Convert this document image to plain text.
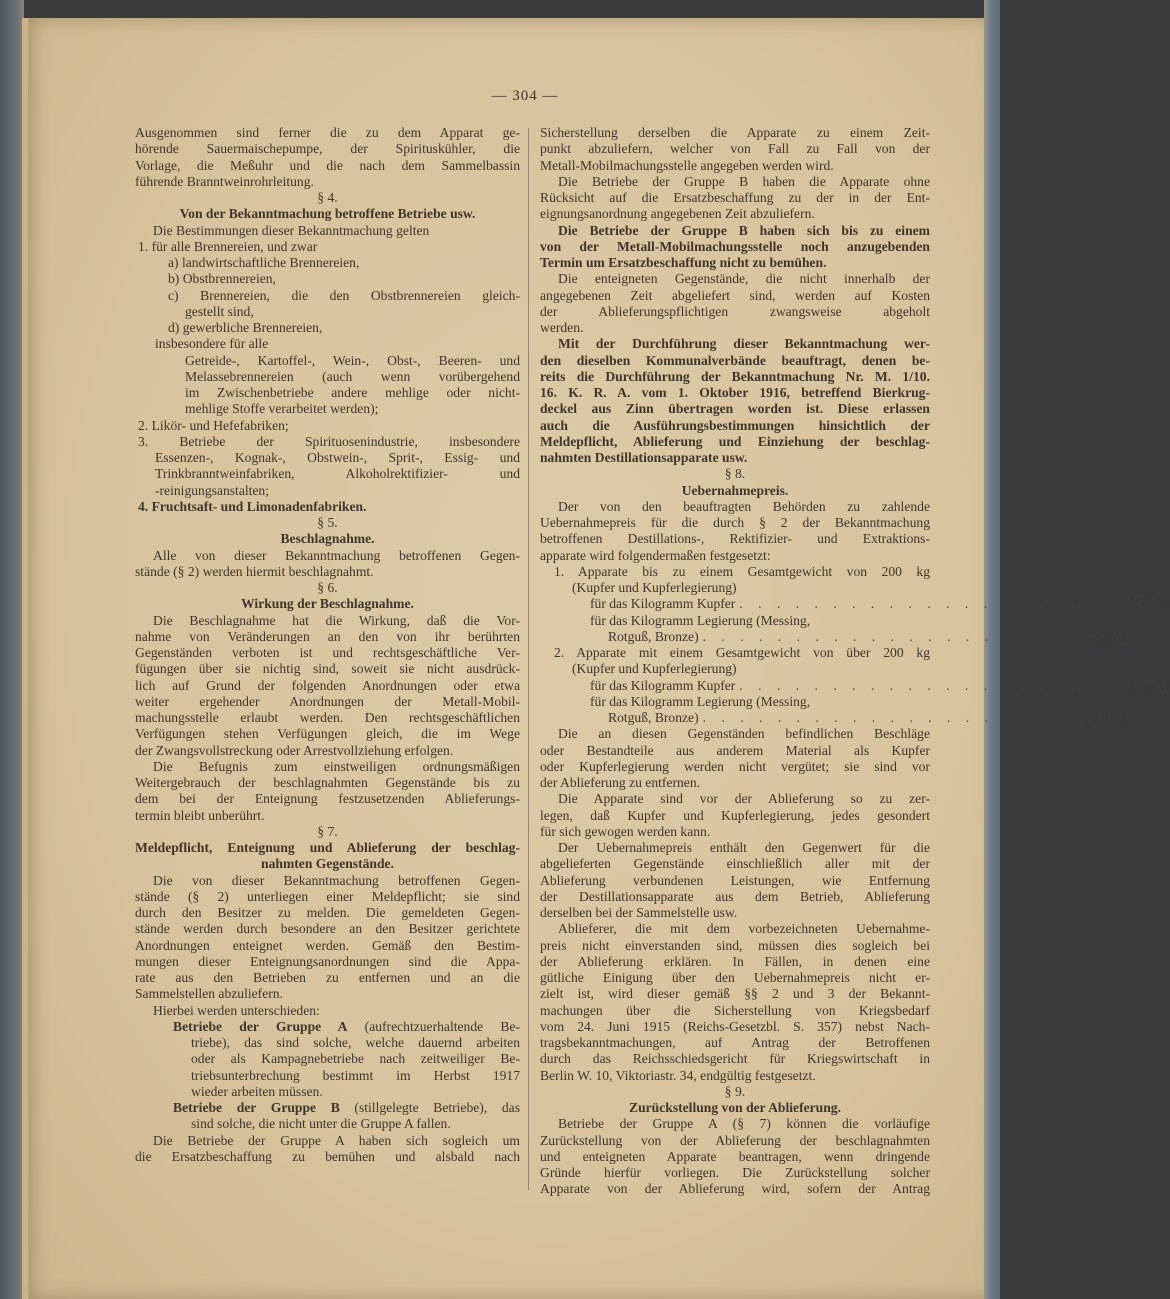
— 304 —
Ausgenommen sind ferner die zu dem Apparat ge-
hörende Sauermaischepumpe, der Spirituskühler, die
Vorlage, die Meßuhr und die nach dem Sammelbassin
führende Branntweinrohrleitung.
§ 4.
Von der Bekanntmachung betroffene Betriebe usw.
Die Bestimmungen dieser Bekanntmachung gelten
1. für alle Brennereien, und zwar
a) landwirtschaftliche Brennereien,
b) Obstbrennereien,
c) Brennereien, die den Obstbrennereien gleich-
gestellt sind,
d) gewerbliche Brennereien,
insbesondere für alle
Getreide-, Kartoffel-, Wein-, Obst-, Beeren- und
Melassebrennereien (auch wenn vorübergehend
im Zwischenbetriebe andere mehlige oder nicht-
mehlige Stoffe verarbeitet werden);
2. Likör- und Hefefabriken;
3. Betriebe der Spirituosenindustrie, insbesondere
Essenzen-, Kognak-, Obstwein-, Sprit-, Essig- und
Trinkbranntweinfabriken, Alkoholrektifizier- und
-reinigungsanstalten;
4. Fruchtsaft- und Limonadenfabriken.
§ 5.
Beschlagnahme.
Alle von dieser Bekanntmachung betroffenen Gegen-
stände (§ 2) werden hiermit beschlagnahmt.
§ 6.
Wirkung der Beschlagnahme.
Die Beschlagnahme hat die Wirkung, daß die Vor-
nahme von Veränderungen an den von ihr berührten
Gegenständen verboten ist und rechtsgeschäftliche Ver-
fügungen über sie nichtig sind, soweit sie nicht ausdrück-
lich auf Grund der folgenden Anordnungen oder etwa
weiter ergehender Anordnungen der Metall-Mobil-
machungsstelle erlaubt werden. Den rechtsgeschäftlichen
Verfügungen stehen Verfügungen gleich, die im Wege
der Zwangsvollstreckung oder Arrestvollziehung erfolgen.
Die Befugnis zum einstweiligen ordnungsmäßigen
Weitergebrauch der beschlagnahmten Gegenstände bis zu
dem bei der Enteignung festzusetzenden Ablieferungs-
termin bleibt unberührt.
§ 7.
Meldepflicht, Enteignung und Ablieferung der beschlag-
nahmten Gegenstände.
Die von dieser Bekanntmachung betroffenen Gegen-
stände (§ 2) unterliegen einer Meldepflicht; sie sind
durch den Besitzer zu melden. Die gemeldeten Gegen-
stände werden durch besondere an den Besitzer gerichtete
Anordnungen enteignet werden. Gemäß den Bestim-
mungen dieser Enteignungsanordnungen sind die Appa-
rate aus den Betrieben zu entfernen und an die
Sammelstellen abzuliefern.
Hierbei werden unterschieden:
Betriebe der Gruppe A (aufrechtzuerhaltende Be-
triebe), das sind solche, welche dauernd arbeiten
oder als Kampagnebetriebe nach zeitweiliger Be-
triebsunterbrechung bestimmt im Herbst 1917
wieder arbeiten müssen.
Betriebe der Gruppe B (stillgelegte Betriebe), das
sind solche, die nicht unter die Gruppe A fallen.
Die Betriebe der Gruppe A haben sich sogleich um
die Ersatzbeschaffung zu bemühen und alsbald nach
Sicherstellung derselben die Apparate zu einem Zeit-
punkt abzuliefern, welcher von Fall zu Fall von der
Metall-Mobilmachungsstelle angegeben werden wird.
Die Betriebe der Gruppe B haben die Apparate ohne
Rücksicht auf die Ersatzbeschaffung zu der in der Ent-
eignungsanordnung angegebenen Zeit abzuliefern.
Die Betriebe der Gruppe B haben sich bis zu einem
von der Metall-Mobilmachungsstelle noch anzugebenden
Termin um Ersatzbeschaffung nicht zu bemühen.
Die enteigneten Gegenstände, die nicht innerhalb der
angegebenen Zeit abgeliefert sind, werden auf Kosten
der Ablieferungspflichtigen zwangsweise abgeholt
werden.
Mit der Durchführung dieser Bekanntmachung wer-
den dieselben Kommunalverbände beauftragt, denen be-
reits die Durchführung der Bekanntmachung Nr. M. 1/10.
16. K. R. A. vom 1. Oktober 1916, betreffend Bierkrug-
deckel aus Zinn übertragen worden ist. Diese erlassen
auch die Ausführungsbestimmungen hinsichtlich der
Meldepflicht, Ablieferung und Einziehung der beschlag-
nahmten Destillationsapparate usw.
§ 8.
Uebernahmepreis.
Der von den beauftragten Behörden zu zahlende
Uebernahmepreis für die durch § 2 der Bekanntmachung
betroffenen Destillations-, Rektifizier- und Extraktions-
apparate wird folgendermaßen festgesetzt:
1. Apparate bis zu einem Gesamtgewicht von 200 kg
(Kupfer und Kupferlegierung)
für das Kilogramm Kupfer . . . . . . . . . . . . . . . . . . . . . 3,75 ℳ
für das Kilogramm Legierung (Messing,
Rotguß, Bronze) . . . . . . . . . . . . . . . . . . . . . 2,25 ℳ
2. Apparate mit einem Gesamtgewicht von über 200 kg
(Kupfer und Kupferlegierung)
für das Kilogramm Kupfer . . . . . . . . . . . . . . . . . . . . . 3,50 ℳ
für das Kilogramm Legierung (Messing,
Rotguß, Bronze) . . . . . . . . . . . . . . . . . . . . . 2,25 ℳ
Die an diesen Gegenständen befindlichen Beschläge
oder Bestandteile aus anderem Material als Kupfer
oder Kupferlegierung werden nicht vergütet; sie sind vor
der Ablieferung zu entfernen.
Die Apparate sind vor der Ablieferung so zu zer-
legen, daß Kupfer und Kupferlegierung, jedes gesondert
für sich gewogen werden kann.
Der Uebernahmepreis enthält den Gegenwert für die
abgelieferten Gegenstände einschließlich aller mit der
Ablieferung verbundenen Leistungen, wie Entfernung
der Destillationsapparate aus dem Betrieb, Ablieferung
derselben bei der Sammelstelle usw.
Ablieferer, die mit dem vorbezeichneten Uebernahme-
preis nicht einverstanden sind, müssen dies sogleich bei
der Ablieferung erklären. In Fällen, in denen eine
gütliche Einigung über den Uebernahmepreis nicht er-
zielt ist, wird dieser gemäß §§ 2 und 3 der Bekannt-
machungen über die Sicherstellung von Kriegsbedarf
vom 24. Juni 1915 (Reichs-Gesetzbl. S. 357) nebst Nach-
tragsbekanntmachungen, auf Antrag der Betroffenen
durch das Reichsschiedsgericht für Kriegswirtschaft in
Berlin W. 10, Viktoriastr. 34, endgültig festgesetzt.
§ 9.
Zurückstellung von der Ablieferung.
Betriebe der Gruppe A (§ 7) können die vorläufige
Zurückstellung von der Ablieferung der beschlagnahmten
und enteigneten Apparate beantragen, wenn dringende
Gründe hierfür vorliegen. Die Zurückstellung solcher
Apparate von der Ablieferung wird, sofern der Antrag
